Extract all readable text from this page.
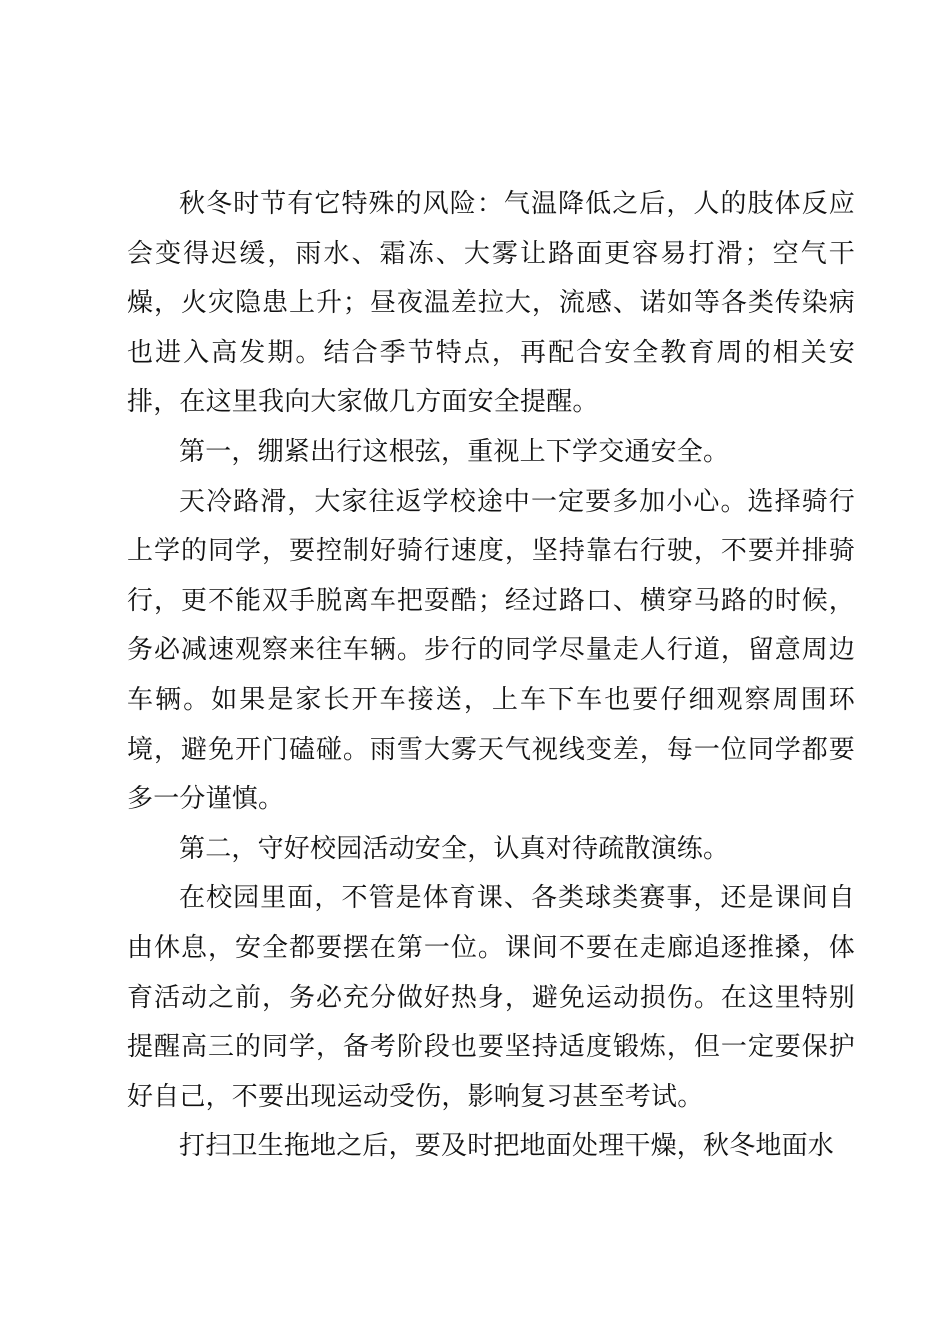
秋冬时节有它特殊的风险：气温降低之后，人的肢体反应会变得迟缓，雨水、霜冻、大雾让路面更容易打滑；空气干燥，火灾隐患上升；昼夜温差拉大，流感、诺如等各类传染病也进入高发期。结合季节特点，再配合安全教育周的相关安排，在这里我向大家做几方面安全提醒。

第一，绷紧出行这根弦，重视上下学交通安全。

天冷路滑，大家往返学校途中一定要多加小心。选择骑行上学的同学，要控制好骑行速度，坚持靠右行驶，不要并排骑行，更不能双手脱离车把耍酷；经过路口、横穿马路的时候，务必减速观察来往车辆。步行的同学尽量走人行道，留意周边车辆。如果是家长开车接送，上车下车也要仔细观察周围环境，避免开门磕碰。雨雪大雾天气视线变差，每一位同学都要多一分谨慎。

第二，守好校园活动安全，认真对待疏散演练。

在校园里面，不管是体育课、各类球类赛事，还是课间自由休息，安全都要摆在第一位。课间不要在走廊追逐推搡，体育活动之前，务必充分做好热身，避免运动损伤。在这里特别提醒高三的同学，备考阶段也要坚持适度锻炼，但一定要保护好自己，不要出现运动受伤，影响复习甚至考试。

打扫卫生拖地之后，要及时把地面处理干燥，秋冬地面水
